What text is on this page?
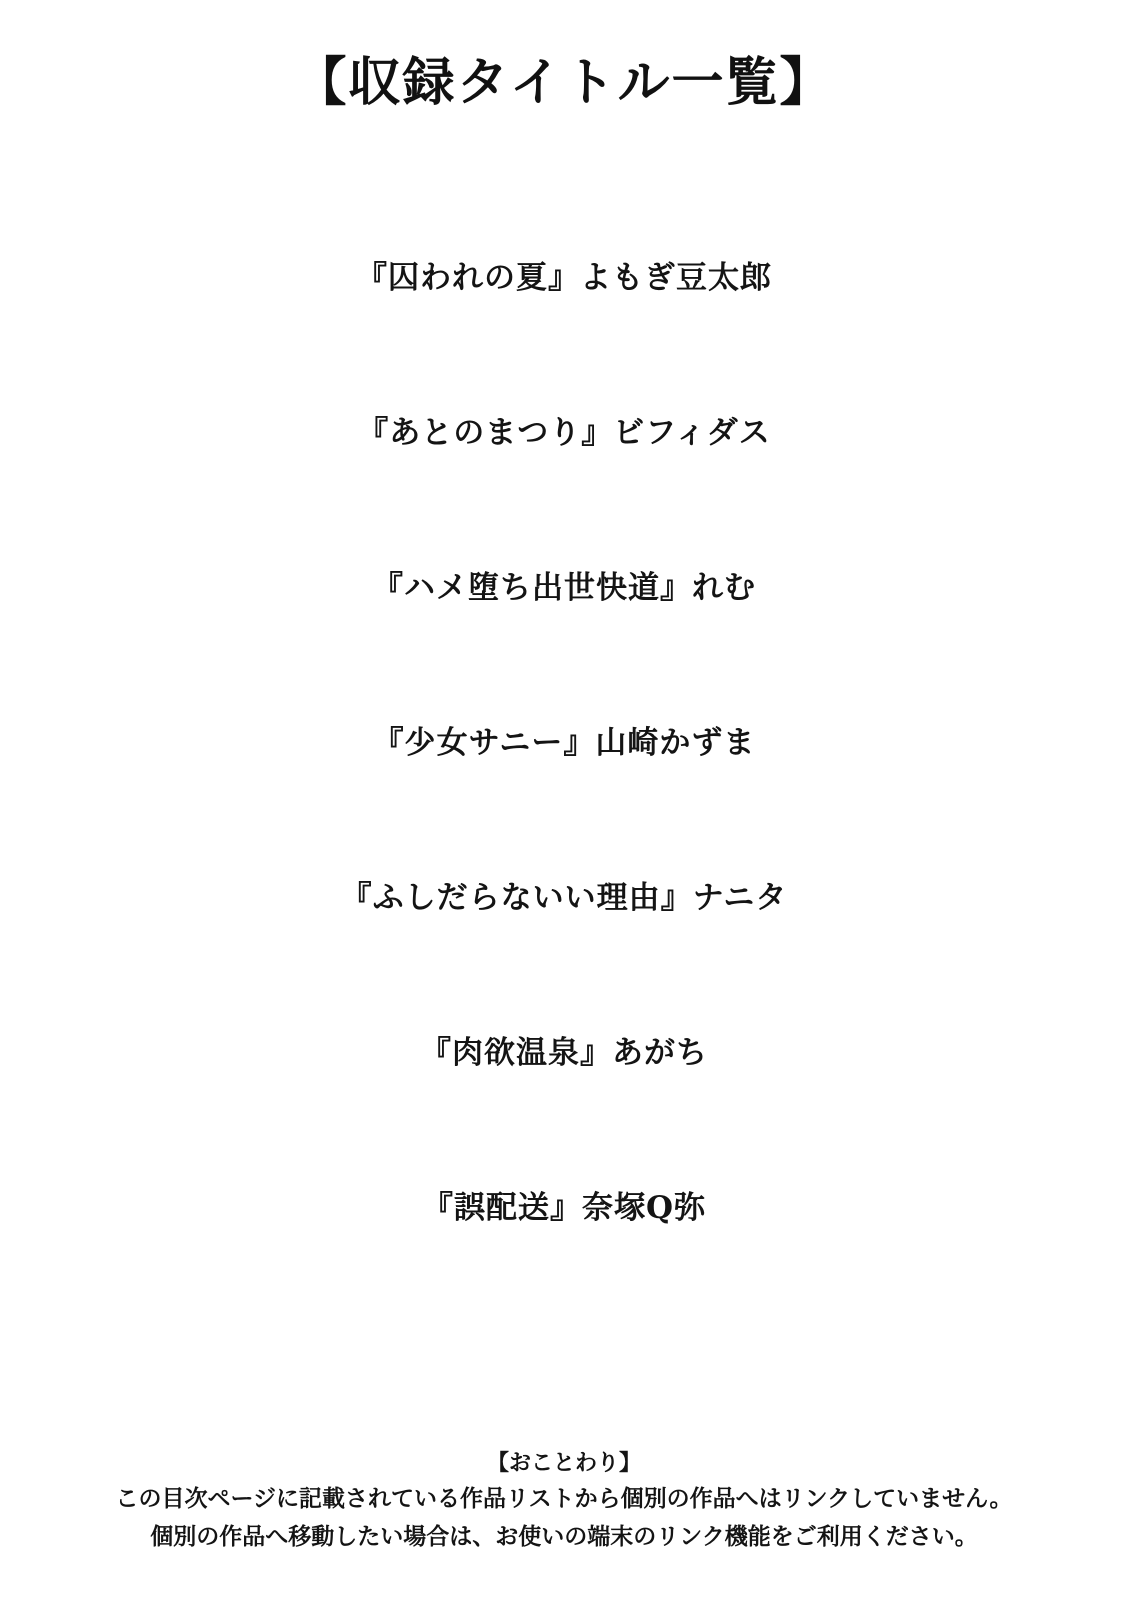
【収録タイトル一覧】
『囚われの夏』よもぎ豆太郎
『あとのまつり』ビフィダス
『ハメ堕ち出世快道』れむ
『少女サニー』山崎かずま
『ふしだらないい理由』ナニタ
『肉欲温泉』あがち
『誤配送』奈塚Q弥
【おことわり】
この目次ページに記載されている作品リストから個別の作品へはリンクしていません。
個別の作品へ移動したい場合は、お使いの端末のリンク機能をご利用ください。
